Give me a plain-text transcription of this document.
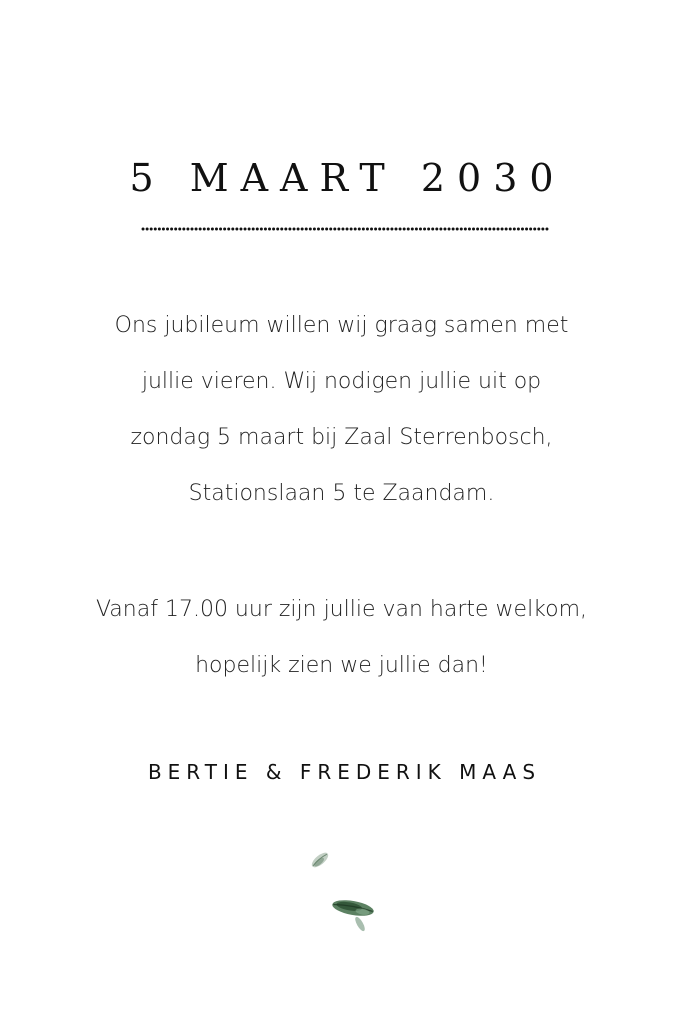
5 MAART 2030
Ons jubileum willen wij graag samen met
jullie vieren. Wij nodigen jullie uit op
zondag 5 maart bij Zaal Sterrenbosch,
Stationslaan 5 te Zaandam.
Vanaf 17.00 uur zijn jullie van harte welkom,
hopelijk zien we jullie dan!
BERTIE & FREDERIK MAAS
